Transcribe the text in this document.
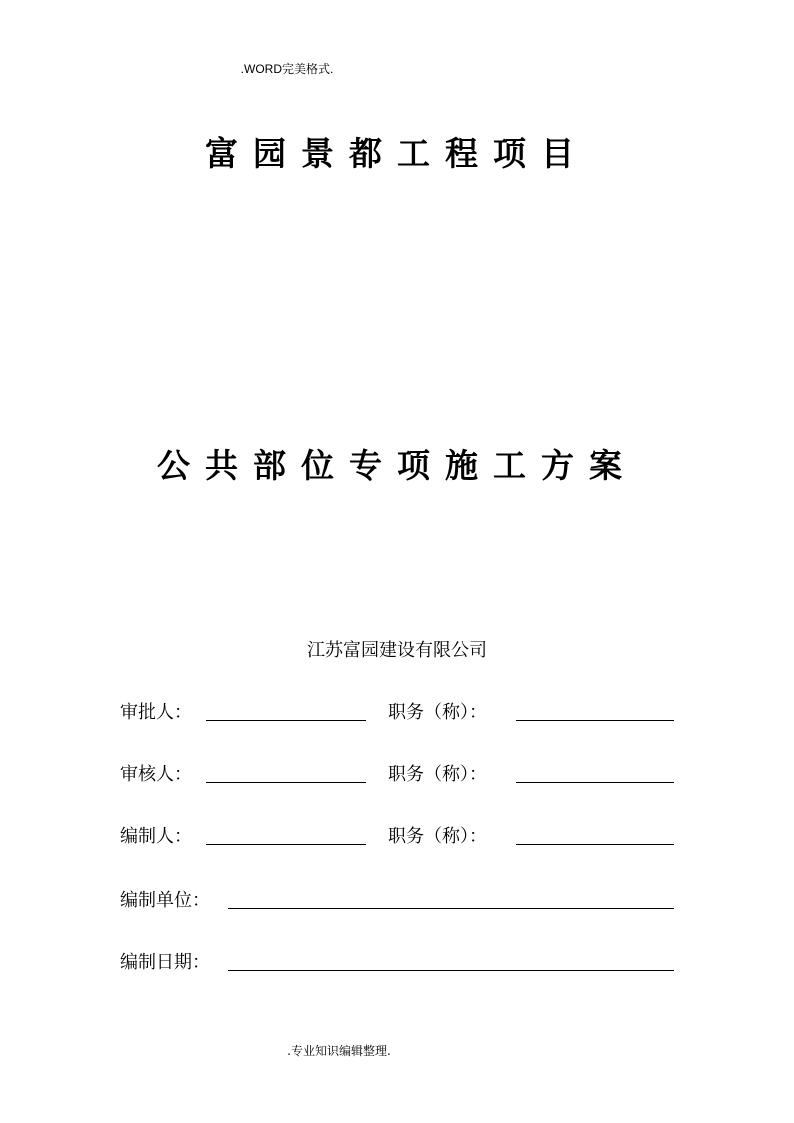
.WORD完美格式.
富园景都工程项目
公共部位专项施工方案
江苏富园建设有限公司
审批人：	职务（称）：
审核人：	职务（称）：
编制人：	职务（称）：
编制单位：
编制日期：
.专业知识编辑整理.
